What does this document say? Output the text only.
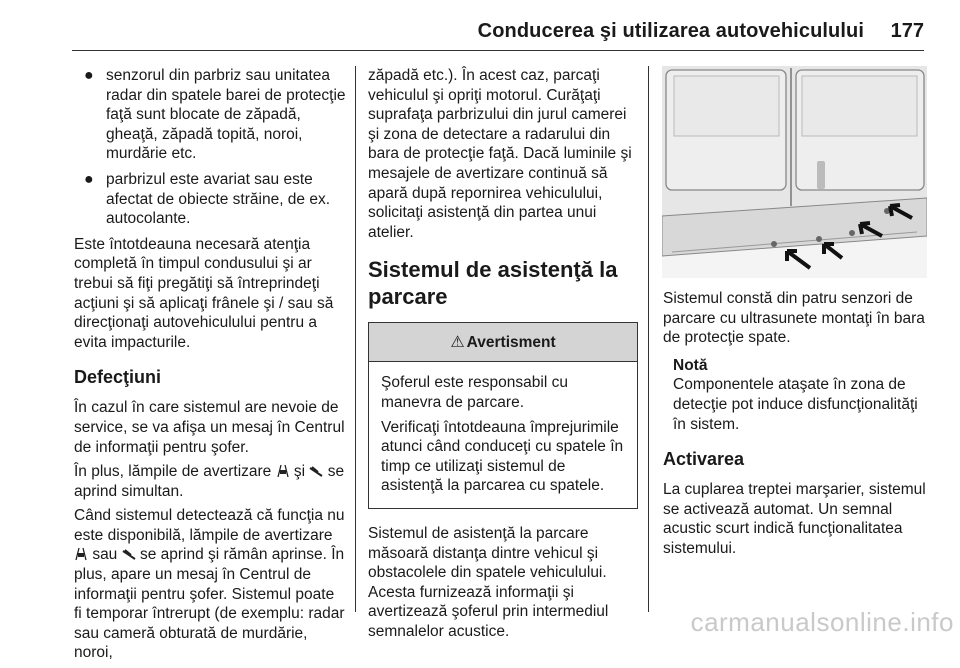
Conducerea şi utilizarea autovehiculului 177
● senzorul din parbriz sau unitatea radar din spatele barei de protecţie faţă sunt blocate de zăpadă, gheaţă, zăpadă topită, noroi, murdărie etc.
● parbrizul este avariat sau este afectat de obiecte străine, de ex. autocolante.

Este întotdeauna necesară atenţia completă în timpul condusului şi ar trebui să fiţi pregătiţi să întreprindeţi acţiuni şi să aplicaţi frânele şi / sau să direcţionaţi autovehiculului pentru a evita impacturile.

Defecţiuni

În cazul în care sistemul are nevoie de service, se va afişa un mesaj în Centrul de informaţii pentru şofer.

În plus, lămpile de avertizare şi se aprind simultan.

Când sistemul detectează că funcţia nu este disponibilă, lămpile de avertizare  sau se aprind şi rămân aprinse. În plus, apare un mesaj în Centrul de informaţii pentru şofer. Sistemul poate fi temporar întrerupt (de exemplu: radar sau cameră obturată de murdărie, noroi,

zăpadă etc.). În acest caz, parcaţi vehiculul şi opriţi motorul. Curăţaţi suprafaţa parbrizului din jurul camerei şi zona de detectare a radarului din bara de protecţie faţă. Dacă luminile şi mesajele de avertizare continuă să apară după repornirea vehiculului, solicitaţi asistenţă din partea unui atelier.

Sistemul de asistenţă la parcare
⚠ Avertisment

Şoferul este responsabil cu manevra de parcare.

Verificaţi întotdeauna împrejurimile atunci când conduceţi cu spatele în timp ce utilizaţi sistemul de asistenţă la parcarea cu spatele.

Sistemul de asistenţă la parcare măsoară distanţa dintre vehicul şi obstacolele din spatele vehiculului. Acesta furnizează informaţii şi avertizează şoferul prin intermediul semnalelor acustice.

Sistemul constă din patru senzori de parcare cu ultrasunete montaţi în bara de protecţie spate.

Notă
Componentele ataşate în zona de detecţie pot induce disfuncţionalităţi în sistem.
Activarea

La cuplarea treptei marşarier, sistemul se activează automat. Un semnal acustic scurt indică funcţionalitatea sistemului.

carmanualsonline.info
